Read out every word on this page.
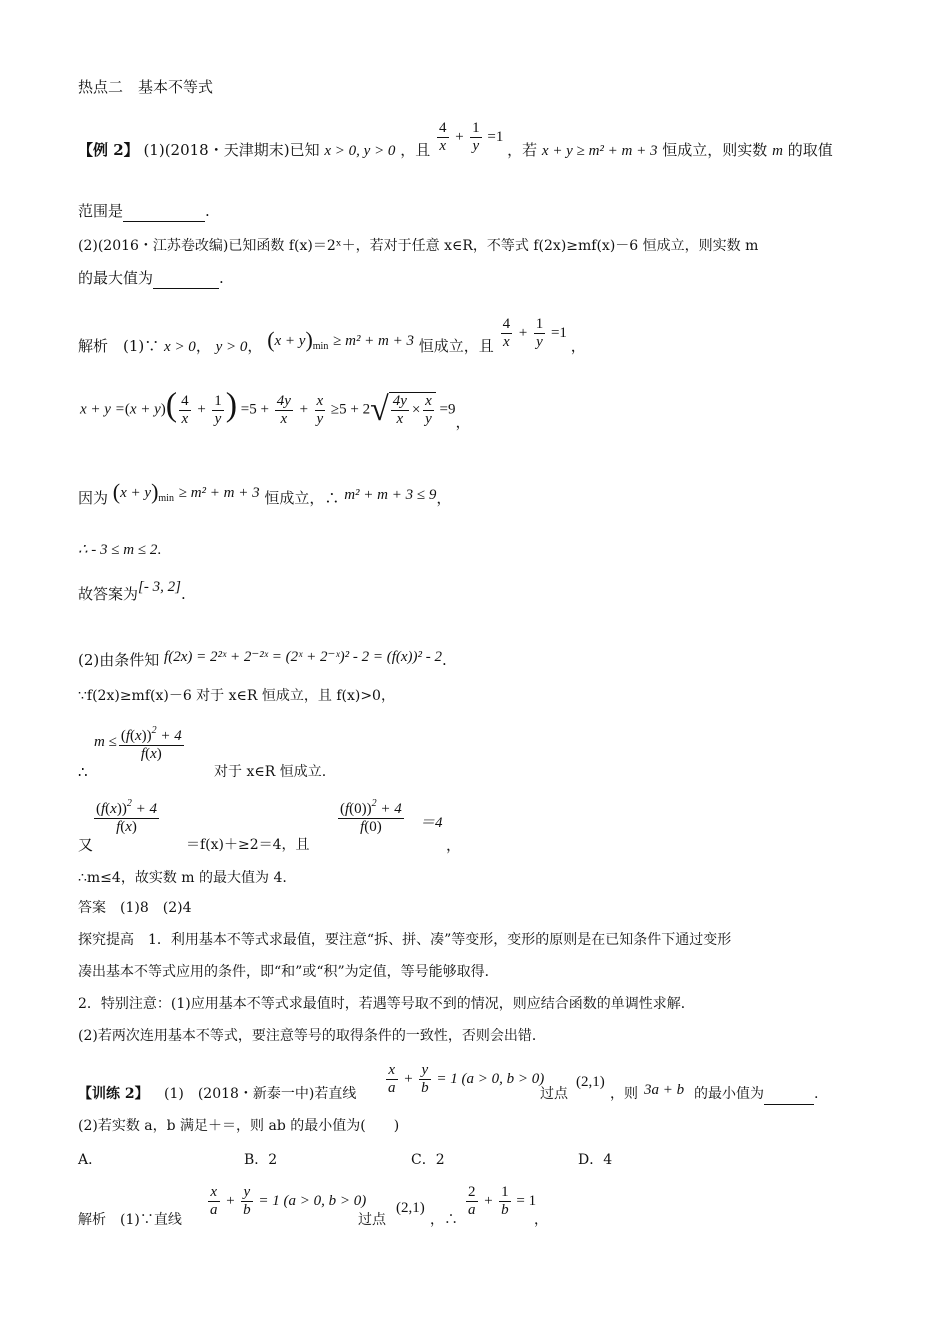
热点二　基本不等式
【例 2】 (1)(2018・天津期末)已知 x > 0, y > 0 ，且 $\frac{4}{x} + \frac{1}{y} =1$ ，若 x + y ≥ m² + m + 3 恒成立，则实数 m 的取值
范围是	.
(2)(2016・江苏卷改编)已知函数 f(x)＝2ˣ＋，若对于任意 x∈R，不等式 f(2x)≥mf(x)－6 恒成立，则实数 m
的最大值为	.
解析　(1)∵ x > 0， y > 0， $(x + y)_{min} \ge m^2 + m + 3$ 恒成立，且 $\frac{4}{x} + \frac{1}{y} =1$ ，
$x + y =(x + y)( \frac{4}{x} + \frac{1}{y}$ ) $=5 + \frac{4y}{x} + \frac{x}{y} \ge 5 + 2√ \frac{4y}{x} \times \frac{x}{y} =9$，
因为 $(x + y)_{min} \ge m^2 + m + 3$ 恒成立，∴ m² + m + 3 ≤ 9，
∴ - 3 ≤ m ≤ 2.
故答案为[- 3, 2].
(2)由条件知 f(2x) = 2²ˣ + 2⁻²ˣ = (2ˣ + 2⁻ˣ)² - 2 = (f(x))² - 2.
∵f(2x)≥mf(x)－6 对于 x∈R 恒成立，且 f(x)>0，
∴
$m \le \frac{(f(x))^2 + 4}{f(x)}$
对于 x∈R 恒成立.
又
$\frac{(f(x))^2 + 4}{f(x)}$
＝f(x)＋≥2＝4，且
$\frac{(f(0))^2 + 4}{f(0)} =4$
，
∴m≤4，故实数 m 的最大值为 4.
答案　(1)8　(2)4
探究提高　1．利用基本不等式求最值，要注意“拆、拼、凑”等变形，变形的原则是在已知条件下通过变形
凑出基本不等式应用的条件，即“和”或“积”为定值，等号能够取得．
2．特别注意：(1)应用基本不等式求最值时，若遇等号取不到的情况，则应结合函数的单调性求解．
(2)若两次连用基本不等式，要注意等号的取得条件的一致性，否则会出错．
【训练 2】 (1)　(2018・新泰一中)若直线 $\frac{x}{a} + \frac{y}{b} = 1$ (a > 0, b > 0)
过点
(2,1)
，则 3a + b 的最小值为	.
(2)若实数 a，b 满足＋＝，则 ab 的最小值为(　　)
A．	B．2	C．2	D．4
解析　(1)∵直线
$\frac{x}{a} + \frac{y}{b} = 1$ (a > 0, b > 0)
过点
(2,1)
，∴
$\frac{2}{a} + \frac{1}{b} = 1$
，
